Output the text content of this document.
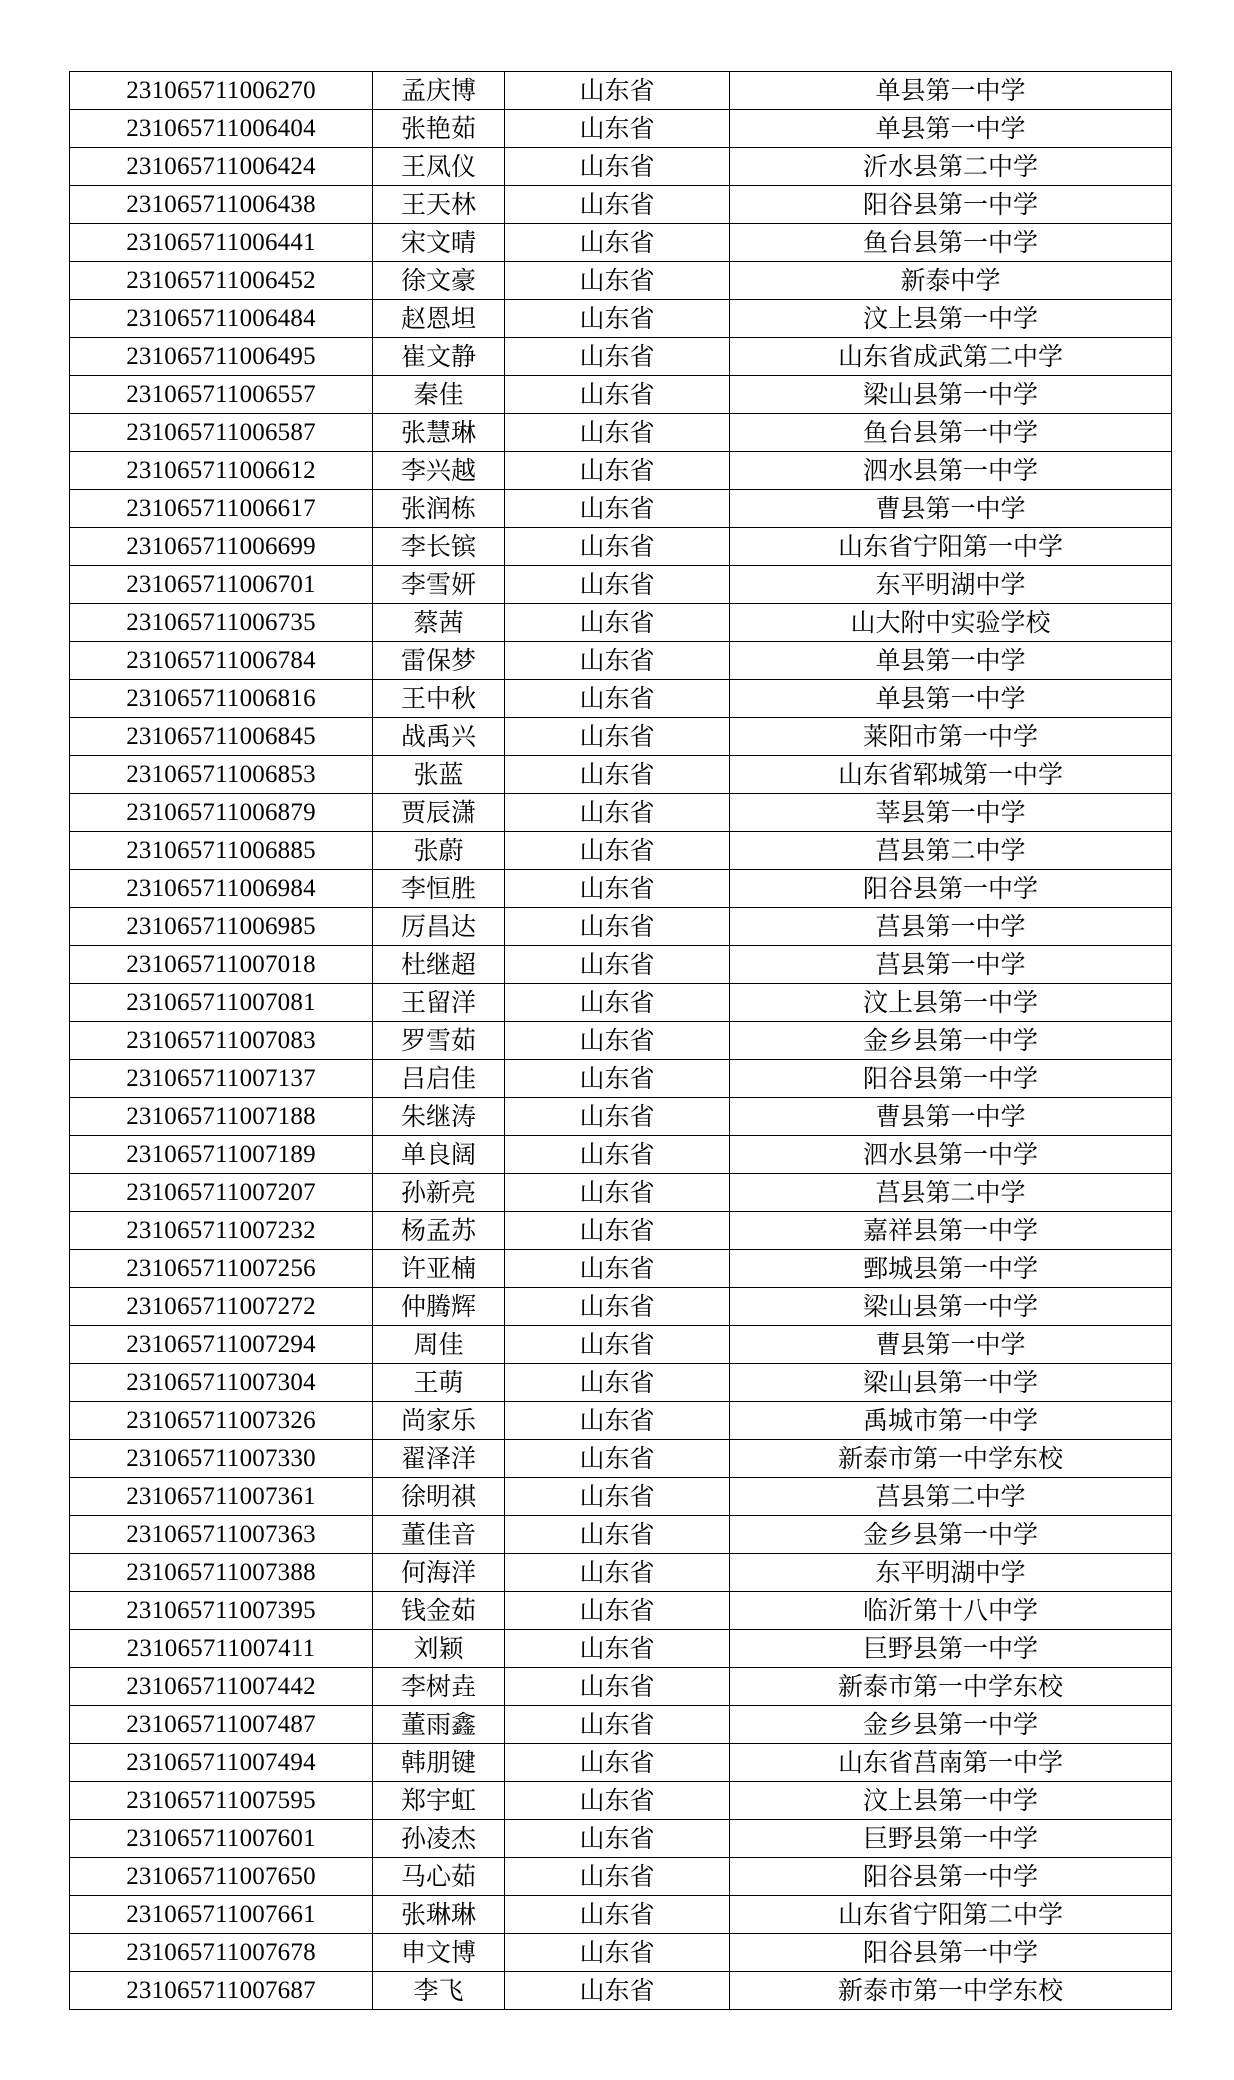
231065711006270	孟庆博	山东省	单县第一中学
231065711006404	张艳茹	山东省	单县第一中学
231065711006424	王凤仪	山东省	沂水县第二中学
231065711006438	王天林	山东省	阳谷县第一中学
231065711006441	宋文晴	山东省	鱼台县第一中学
231065711006452	徐文豪	山东省	新泰中学
231065711006484	赵恩坦	山东省	汶上县第一中学
231065711006495	崔文静	山东省	山东省成武第二中学
231065711006557	秦佳	山东省	梁山县第一中学
231065711006587	张慧琳	山东省	鱼台县第一中学
231065711006612	李兴越	山东省	泗水县第一中学
231065711006617	张润栋	山东省	曹县第一中学
231065711006699	李长镔	山东省	山东省宁阳第一中学
231065711006701	李雪妍	山东省	东平明湖中学
231065711006735	蔡茜	山东省	山大附中实验学校
231065711006784	雷保梦	山东省	单县第一中学
231065711006816	王中秋	山东省	单县第一中学
231065711006845	战禹兴	山东省	莱阳市第一中学
231065711006853	张蓝	山东省	山东省郓城第一中学
231065711006879	贾辰潇	山东省	莘县第一中学
231065711006885	张蔚	山东省	莒县第二中学
231065711006984	李恒胜	山东省	阳谷县第一中学
231065711006985	厉昌达	山东省	莒县第一中学
231065711007018	杜继超	山东省	莒县第一中学
231065711007081	王留洋	山东省	汶上县第一中学
231065711007083	罗雪茹	山东省	金乡县第一中学
231065711007137	吕启佳	山东省	阳谷县第一中学
231065711007188	朱继涛	山东省	曹县第一中学
231065711007189	单良阔	山东省	泗水县第一中学
231065711007207	孙新亮	山东省	莒县第二中学
231065711007232	杨孟苏	山东省	嘉祥县第一中学
231065711007256	许亚楠	山东省	鄄城县第一中学
231065711007272	仲腾辉	山东省	梁山县第一中学
231065711007294	周佳	山东省	曹县第一中学
231065711007304	王萌	山东省	梁山县第一中学
231065711007326	尚家乐	山东省	禹城市第一中学
231065711007330	翟泽洋	山东省	新泰市第一中学东校
231065711007361	徐明祺	山东省	莒县第二中学
231065711007363	董佳音	山东省	金乡县第一中学
231065711007388	何海洋	山东省	东平明湖中学
231065711007395	钱金茹	山东省	临沂第十八中学
231065711007411	刘颖	山东省	巨野县第一中学
231065711007442	李树垚	山东省	新泰市第一中学东校
231065711007487	董雨鑫	山东省	金乡县第一中学
231065711007494	韩朋键	山东省	山东省莒南第一中学
231065711007595	郑宇虹	山东省	汶上县第一中学
231065711007601	孙凌杰	山东省	巨野县第一中学
231065711007650	马心茹	山东省	阳谷县第一中学
231065711007661	张琳琳	山东省	山东省宁阳第二中学
231065711007678	申文博	山东省	阳谷县第一中学
231065711007687	李飞	山东省	新泰市第一中学东校
